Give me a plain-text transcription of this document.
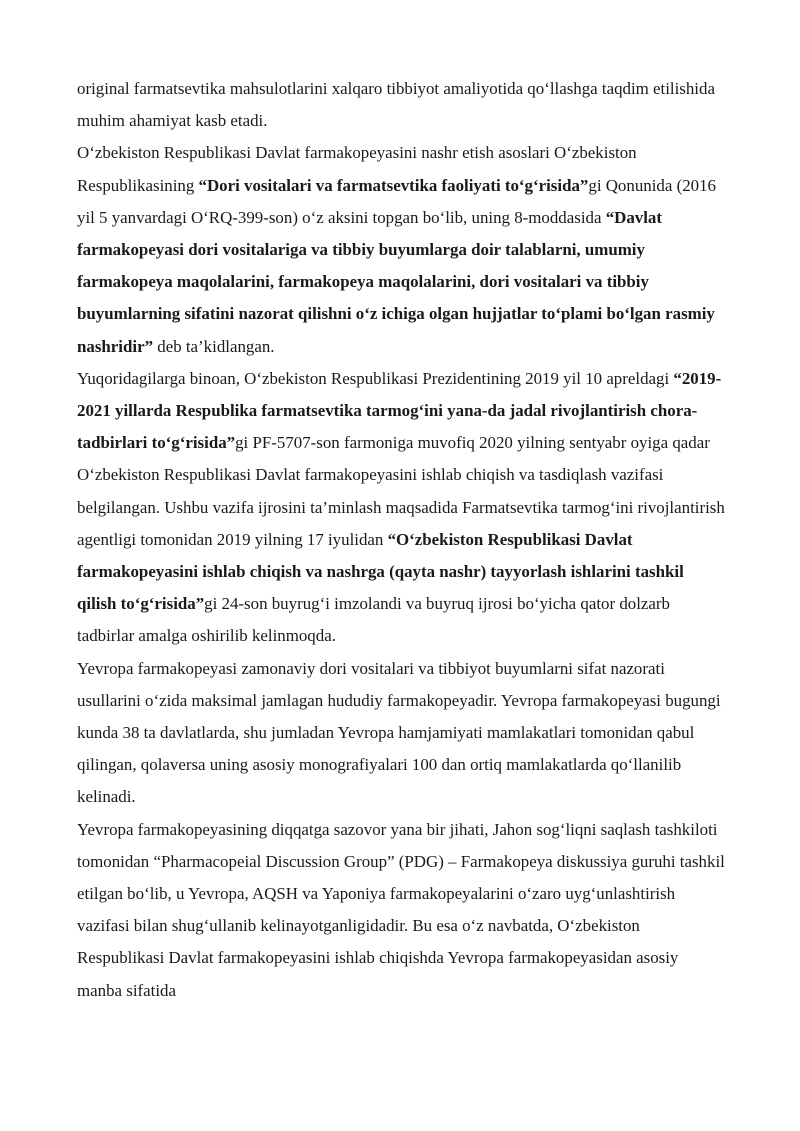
original farmatsevtika mahsulotlarini xalqaro tibbiyot amaliyotida qo‘llashga taqdim etilishida muhim ahamiyat kasb etadi.

O‘zbekiston Respublikasi Davlat farmakopeyasini nashr etish asoslari O‘zbekiston Respublikasining “Dori vositalari va farmatsevtika faoliyati to‘g‘risida”gi Qonunida (2016 yil 5 yanvardagi O‘RQ-399-son) o‘z aksini topgan bo‘lib, uning 8-moddasida “Davlat farmakopeyasi dori vositalariga va tibbiy buyumlarga doir talablarni, umumiy farmakopeya maqolalarini, farmakopeya maqolalarini, dori vositalari va tibbiy buyumlarning sifatini nazorat qilishni o‘z ichiga olgan hujjatlar to‘plami bo‘lgan rasmiy nashridir” deb ta’kidlangan.

Yuqoridagilarga binoan, O‘zbekiston Respublikasi Prezidentining 2019 yil 10 apreldagi “2019-2021 yillarda Respublika farmatsevtika tarmog‘ini yana-da jadal rivojlantirish chora-tadbirlari to‘g‘risida”gi PF-5707-son farmoniga muvofiq 2020 yilning sentyabr oyiga qadar O‘zbekiston Respublikasi Davlat farmakopeyasini ishlab chiqish va tasdiqlash vazifasi belgilangan. Ushbu vazifa ijrosini ta’minlash maqsadida Farmatsevtika tarmog‘ini rivojlantirish agentligi tomonidan 2019 yilning 17 iyulidan “O‘zbekiston Respublikasi Davlat farmakopeyasini ishlab chiqish va nashrga (qayta nashr) tayyorlash ishlarini tashkil qilish to‘g‘risida”gi 24-son buyrug‘i imzolandi va buyruq ijrosi bo‘yicha qator dolzarb tadbirlar amalga oshirilib kelinmoqda.

Yevropa farmakopeyasi zamonaviy dori vositalari va tibbiyot buyumlarni sifat nazorati usullarini o‘zida maksimal jamlagan hududiy farmakopeyadir. Yevropa farmakopeyasi bugungi kunda 38 ta davlatlarda, shu jumladan Yevropa hamjamiyati mamlakatlari tomonidan qabul qilingan, qolaversa uning asosiy monografiyalari 100 dan ortiq mamlakatlarda qo‘llanilib kelinadi.

Yevropa farmakopeyasining diqqatga sazovor yana bir jihati, Jahon sog‘liqni saqlash tashkiloti tomonidan “Pharmacopeial Discussion Group” (PDG) – Farmakopeya diskussiya guruhi tashkil etilgan bo‘lib, u Yevropa, AQSH va Yaponiya farmakopeyalarini o‘zaro uyg‘unlashtirish vazifasi bilan shug‘ullanib kelinayotganligidadir. Bu esa o‘z navbatda, O‘zbekiston Respublikasi Davlat farmakopeyasini ishlab chiqishda Yevropa farmakopeyasidan asosiy manba sifatida
